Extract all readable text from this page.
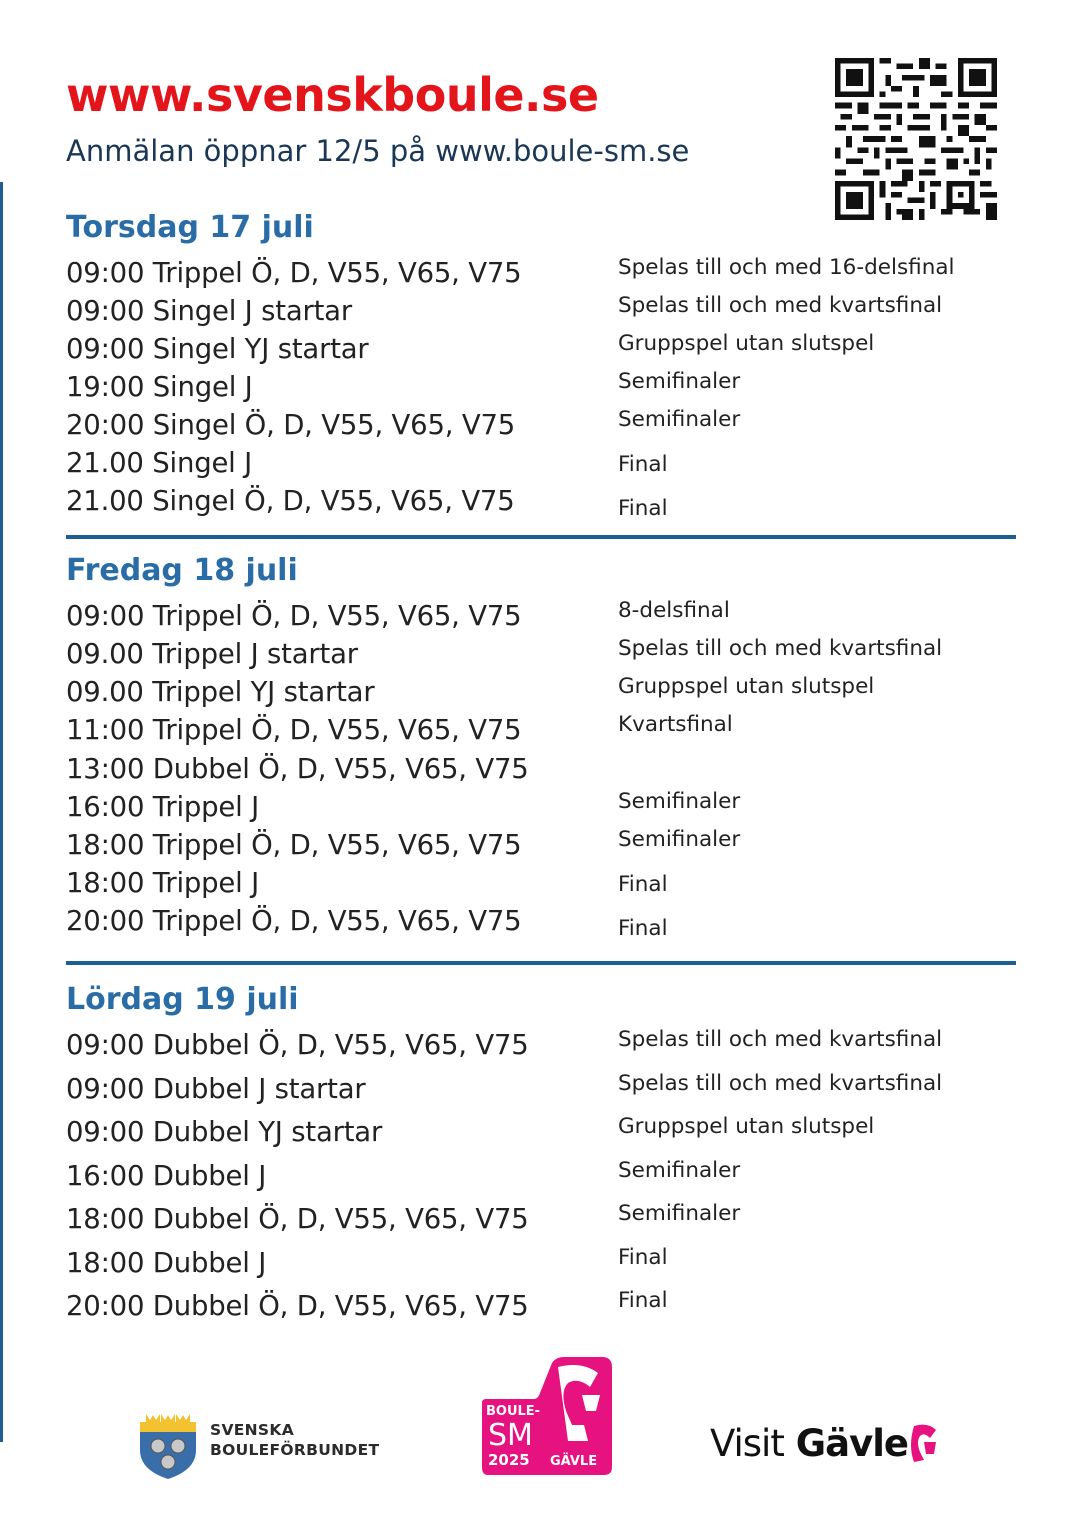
www.svenskboule.se

Anmälan öppnar 12/5 på www.boule-sm.se

Torsdag 17 juli
09:00 Trippel Ö, D, V55, V65, V75	Spelas till och med 16-delsfinal
09:00 Singel J startar	Spelas till och med kvartsfinal
09:00 Singel YJ startar	Gruppspel utan slutspel
19:00 Singel J	Semifinaler
20:00 Singel Ö, D, V55, V65, V75	Semifinaler
21.00 Singel J	Final
21.00 Singel Ö, D, V55, V65, V75	Final
Fredag 18 juli
09:00 Trippel Ö, D, V55, V65, V75	8-delsfinal
09.00 Trippel J startar	Spelas till och med kvartsfinal
09.00 Trippel YJ startar	Gruppspel utan slutspel
11:00 Trippel Ö, D, V55, V65, V75	Kvartsfinal
13:00 Dubbel Ö, D, V55, V65, V75
16:00 Trippel J	Semifinaler
18:00 Trippel Ö, D, V55, V65, V75	Semifinaler
18:00 Trippel J	Final
20:00 Trippel Ö, D, V55, V65, V75	Final
Lördag 19 juli
09:00 Dubbel Ö, D, V55, V65, V75	Spelas till och med kvartsfinal
09:00 Dubbel J startar	Spelas till och med kvartsfinal
09:00 Dubbel YJ startar	Gruppspel utan slutspel
16:00 Dubbel J	Semifinaler
18:00 Dubbel Ö, D, V55, V65, V75	Semifinaler
18:00 Dubbel J	Final
20:00 Dubbel Ö, D, V55, V65, V75	Final
SVENSKA
BOULEFÖRBUNDET
BOULE-
SM
2025 GÄVLE	Visit Gävle
